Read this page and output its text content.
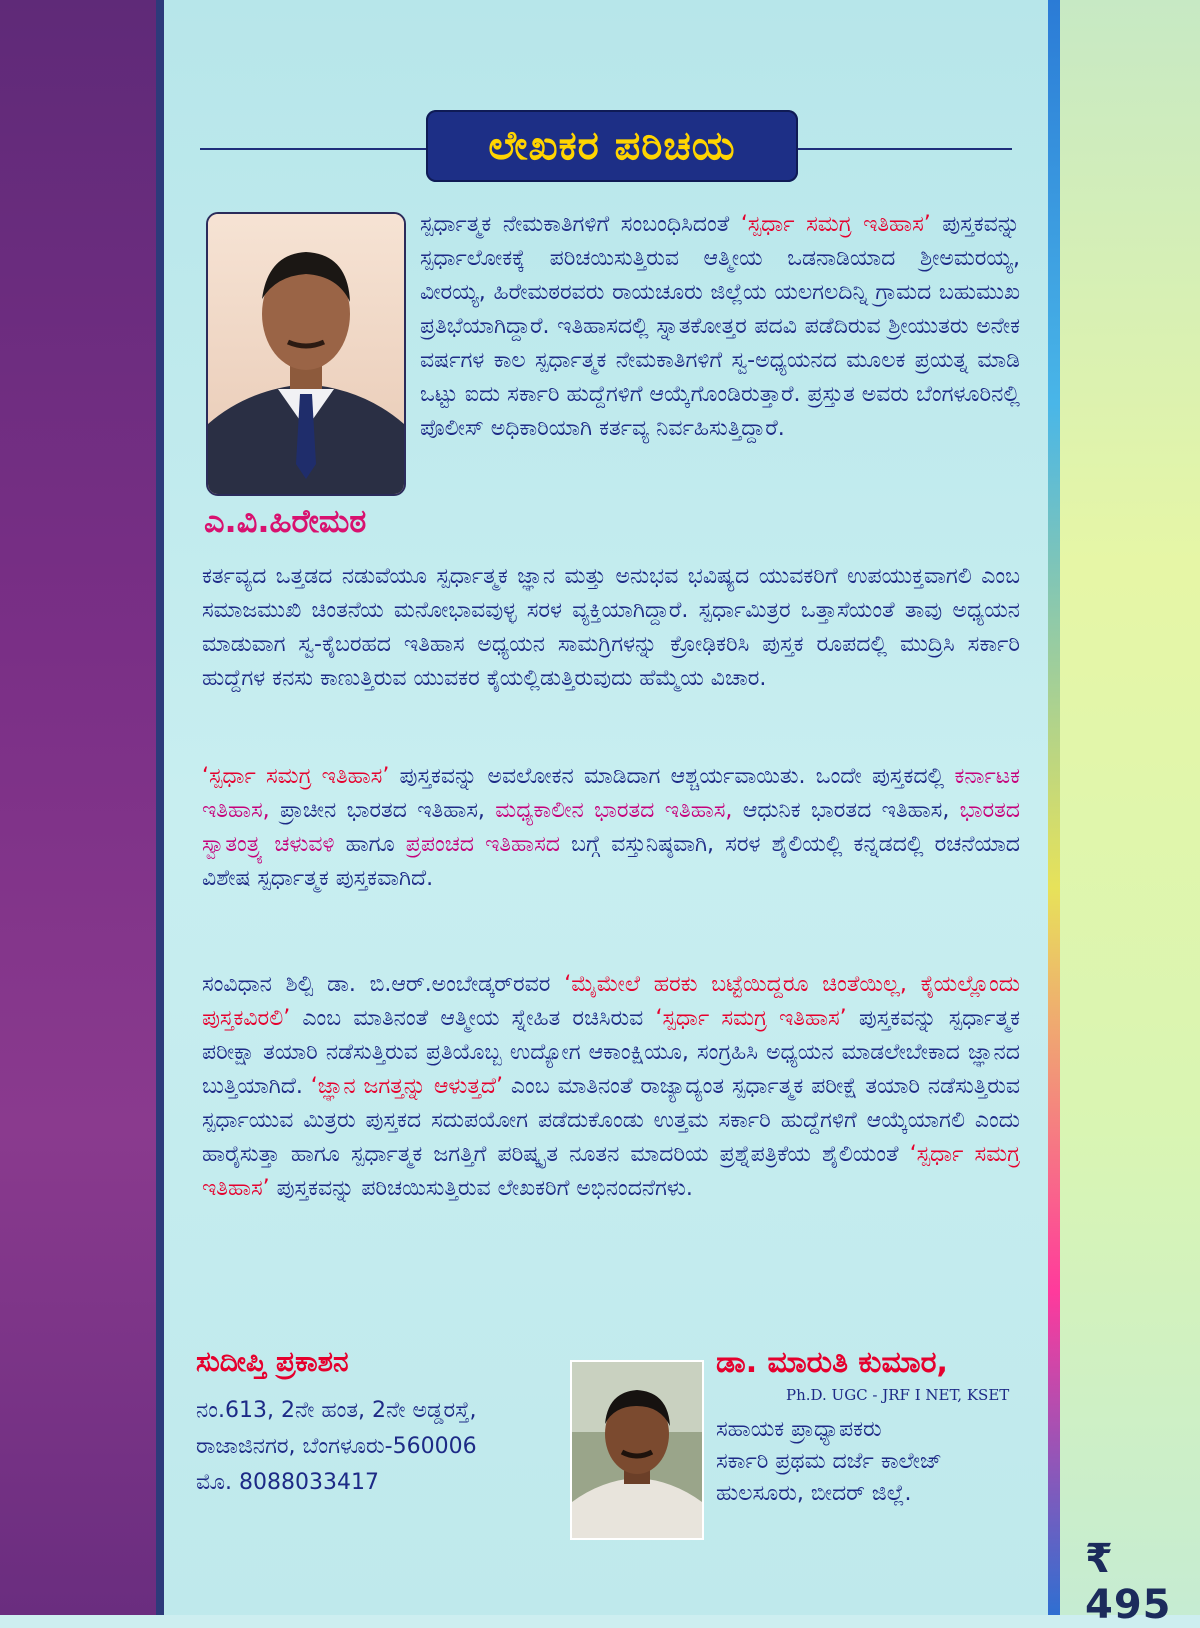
ಲೇಖಕರ ಪರಿಚಯ
ಎ.ವಿ.ಹಿರೇಮಠ
ಸ್ಪರ್ಧಾತ್ಮಕ ನೇಮಕಾತಿಗಳಿಗೆ ಸಂಬಂಧಿಸಿದಂತೆ ‘ಸ್ಪರ್ಧಾ ಸಮಗ್ರ ಇತಿಹಾಸ’ ಪುಸ್ತಕವನ್ನು ಸ್ಪರ್ಧಾಲೋಕಕ್ಕೆ ಪರಿಚಯಿಸುತ್ತಿರುವ ಆತ್ಮೀಯ ಒಡನಾಡಿಯಾದ ಶ್ರೀಅಮರಯ್ಯ, ವೀರಯ್ಯ, ಹಿರೇಮಠರವರು ರಾಯಚೂರು ಜಿಲ್ಲೆಯ ಯಲಗಲದಿನ್ನಿ ಗ್ರಾಮದ ಬಹುಮುಖ ಪ್ರತಿಭೆಯಾಗಿದ್ದಾರೆ. ಇತಿಹಾಸದಲ್ಲಿ ಸ್ನಾತಕೋತ್ತರ ಪದವಿ ಪಡೆದಿರುವ ಶ್ರೀಯುತರು ಅನೇಕ ವರ್ಷಗಳ ಕಾಲ ಸ್ಪರ್ಧಾತ್ಮಕ ನೇಮಕಾತಿಗಳಿಗೆ ಸ್ವ-ಅಧ್ಯಯನದ ಮೂಲಕ ಪ್ರಯತ್ನ ಮಾಡಿ ಒಟ್ಟು ಐದು ಸರ್ಕಾರಿ ಹುದ್ದೆಗಳಿಗೆ ಆಯ್ಕೆಗೊಂಡಿರುತ್ತಾರೆ. ಪ್ರಸ್ತುತ ಅವರು ಬೆಂಗಳೂರಿನಲ್ಲಿ ಪೊಲೀಸ್ ಅಧಿಕಾರಿಯಾಗಿ ಕರ್ತವ್ಯ ನಿರ್ವಹಿಸುತ್ತಿದ್ದಾರೆ.
ಕರ್ತವ್ಯದ ಒತ್ತಡದ ನಡುವೆಯೂ ಸ್ಪರ್ಧಾತ್ಮಕ ಜ್ಞಾನ ಮತ್ತು ಅನುಭವ ಭವಿಷ್ಯದ ಯುವಕರಿಗೆ ಉಪಯುಕ್ತವಾಗಲಿ ಎಂಬ ಸಮಾಜಮುಖಿ ಚಿಂತನೆಯ ಮನೋಭಾವವುಳ್ಳ ಸರಳ ವ್ಯಕ್ತಿಯಾಗಿದ್ದಾರೆ. ಸ್ಪರ್ಧಾಮಿತ್ರರ ಒತ್ತಾಸೆಯಂತೆ ತಾವು ಅಧ್ಯಯನ ಮಾಡುವಾಗ ಸ್ವ-ಕೈಬರಹದ ಇತಿಹಾಸ ಅಧ್ಯಯನ ಸಾಮಗ್ರಿಗಳನ್ನು ಕ್ರೋಢಿಕರಿಸಿ ಪುಸ್ತಕ ರೂಪದಲ್ಲಿ ಮುದ್ರಿಸಿ ಸರ್ಕಾರಿ ಹುದ್ದೆಗಳ ಕನಸು ಕಾಣುತ್ತಿರುವ ಯುವಕರ ಕೈಯಲ್ಲಿಡುತ್ತಿರುವುದು ಹೆಮ್ಮೆಯ ವಿಚಾರ.
‘ಸ್ಪರ್ಧಾ ಸಮಗ್ರ ಇತಿಹಾಸ’ ಪುಸ್ತಕವನ್ನು ಅವಲೋಕನ ಮಾಡಿದಾಗ ಆಶ್ಚರ್ಯವಾಯಿತು. ಒಂದೇ ಪುಸ್ತಕದಲ್ಲಿ ಕರ್ನಾಟಕ ಇತಿಹಾಸ, ಪ್ರಾಚೀನ ಭಾರತದ ಇತಿಹಾಸ, ಮಧ್ಯಕಾಲೀನ ಭಾರತದ ಇತಿಹಾಸ, ಆಧುನಿಕ ಭಾರತದ ಇತಿಹಾಸ, ಭಾರತದ ಸ್ವಾತಂತ್ರ್ಯ ಚಳುವಳಿ ಹಾಗೂ ಪ್ರಪಂಚದ ಇತಿಹಾಸದ ಬಗ್ಗೆ ವಸ್ತುನಿಷ್ಠವಾಗಿ, ಸರಳ ಶೈಲಿಯಲ್ಲಿ ಕನ್ನಡದಲ್ಲಿ ರಚನೆಯಾದ ವಿಶೇಷ ಸ್ಪರ್ಧಾತ್ಮಕ ಪುಸ್ತಕವಾಗಿದೆ.
ಸಂವಿಧಾನ ಶಿಲ್ಪಿ ಡಾ. ಬಿ.ಆರ್.ಅಂಬೇಡ್ಕರ್‌ರವರ ‘ಮೈಮೇಲೆ ಹರಕು ಬಟ್ಟೆಯಿದ್ದರೂ ಚಿಂತೆಯಿಲ್ಲ, ಕೈಯಲ್ಲೊಂದು ಪುಸ್ತಕವಿರಲಿ’ ಎಂಬ ಮಾತಿನಂತೆ ಆತ್ಮೀಯ ಸ್ನೇಹಿತ ರಚಿಸಿರುವ ‘ಸ್ಪರ್ಧಾ ಸಮಗ್ರ ಇತಿಹಾಸ’ ಪುಸ್ತಕವನ್ನು ಸ್ಪರ್ಧಾತ್ಮಕ ಪರೀಕ್ಷಾ ತಯಾರಿ ನಡೆಸುತ್ತಿರುವ ಪ್ರತಿಯೊಬ್ಬ ಉದ್ಯೋಗ ಆಕಾಂಕ್ಷಿಯೂ, ಸಂಗ್ರಹಿಸಿ ಅಧ್ಯಯನ ಮಾಡಲೇಬೇಕಾದ ಜ್ಞಾನದ ಬುತ್ತಿಯಾಗಿದೆ. ‘ಜ್ಞಾನ ಜಗತ್ತನ್ನು ಆಳುತ್ತದೆ’ ಎಂಬ ಮಾತಿನಂತೆ ರಾಜ್ಯಾದ್ಯಂತ ಸ್ಪರ್ಧಾತ್ಮಕ ಪರೀಕ್ಷೆ ತಯಾರಿ ನಡೆಸುತ್ತಿರುವ ಸ್ಪರ್ಧಾಯುವ ಮಿತ್ರರು ಪುಸ್ತಕದ ಸದುಪಯೋಗ ಪಡೆದುಕೊಂಡು ಉತ್ತಮ ಸರ್ಕಾರಿ ಹುದ್ದೆಗಳಿಗೆ ಆಯ್ಕೆಯಾಗಲಿ ಎಂದು ಹಾರೈಸುತ್ತಾ ಹಾಗೂ ಸ್ಪರ್ಧಾತ್ಮಕ ಜಗತ್ತಿಗೆ ಪರಿಷ್ಕೃತ ನೂತನ ಮಾದರಿಯ ಪ್ರಶ್ನೆಪತ್ರಿಕೆಯ ಶೈಲಿಯಂತೆ ‘ಸ್ಪರ್ಧಾ ಸಮಗ್ರ ಇತಿಹಾಸ’ ಪುಸ್ತಕವನ್ನು ಪರಿಚಯಿಸುತ್ತಿರುವ ಲೇಖಕರಿಗೆ ಅಭಿನಂದನೆಗಳು.
ಸುದೀಪ್ತಿ ಪ್ರಕಾಶನ
ನಂ.613, 2ನೇ ಹಂತ, 2ನೇ ಅಡ್ಡರಸ್ತೆ,
ರಾಜಾಜಿನಗರ, ಬೆಂಗಳೂರು-560006
ಮೊ. 8088033417
ಡಾ. ಮಾರುತಿ ಕುಮಾರ,
Ph.D. UGC - JRF I NET, KSET
ಸಹಾಯಕ ಪ್ರಾಧ್ಯಾಪಕರು
ಸರ್ಕಾರಿ ಪ್ರಥಮ ದರ್ಜೆ ಕಾಲೇಜ್
ಹುಲಸೂರು, ಬೀದರ್ ಜಿಲ್ಲೆ.
₹ 495
